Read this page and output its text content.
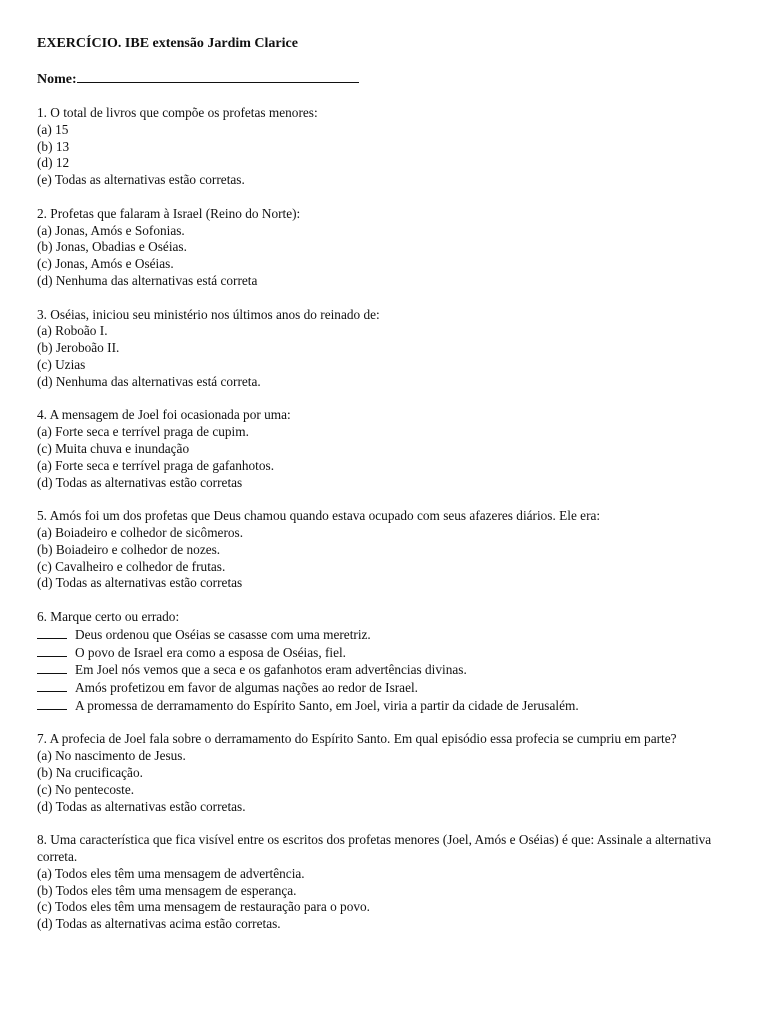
EXERCÍCIO. IBE extensão Jardim Clarice
Nome:
1. O total de livros que compõe os profetas menores:
(a) 15
(b) 13
(d) 12
(e) Todas as alternativas estão corretas.
2. Profetas que falaram à Israel (Reino do Norte):
(a) Jonas, Amós e Sofonias.
(b) Jonas, Obadias e Oséias.
(c) Jonas, Amós e Oséias.
(d) Nenhuma das alternativas está correta
3. Oséias, iniciou seu ministério nos últimos anos do reinado de:
(a) Roboão I.
(b) Jeroboão II.
(c) Uzias
(d) Nenhuma das alternativas está correta.
4. A mensagem de Joel foi ocasionada por uma:
(a) Forte seca e terrível praga de cupim.
(c) Muita chuva e inundação
(a) Forte seca e terrível praga de gafanhotos.
(d) Todas as alternativas estão corretas
5. Amós foi um dos profetas que Deus chamou quando estava ocupado com seus afazeres diários. Ele era:
(a) Boiadeiro e colhedor de sicômeros.
(b) Boiadeiro e colhedor de nozes.
(c) Cavalheiro e colhedor de frutas.
(d) Todas as alternativas estão corretas
6. Marque certo ou errado:
Deus ordenou que Oséias se casasse com uma meretriz.
O povo de Israel era como a esposa de Oséias, fiel.
Em Joel nós vemos que a seca e os gafanhotos eram advertências divinas.
Amós profetizou em favor de algumas nações ao redor de Israel.
A promessa de derramamento do Espírito Santo, em Joel, viria a partir da cidade de Jerusalém.
7. A profecia de Joel fala sobre o derramamento do Espírito Santo. Em qual episódio essa profecia se cumpriu em parte?
(a) No nascimento de Jesus.
(b) Na crucificação.
(c) No pentecoste.
(d) Todas as alternativas estão corretas.
8. Uma característica que fica visível entre os escritos dos profetas menores (Joel, Amós e Oséias) é que: Assinale a alternativa correta.
(a) Todos eles têm uma mensagem de advertência.
(b) Todos eles têm uma mensagem de esperança.
(c) Todos eles têm uma mensagem de restauração para o povo.
(d) Todas as alternativas acima estão corretas.
